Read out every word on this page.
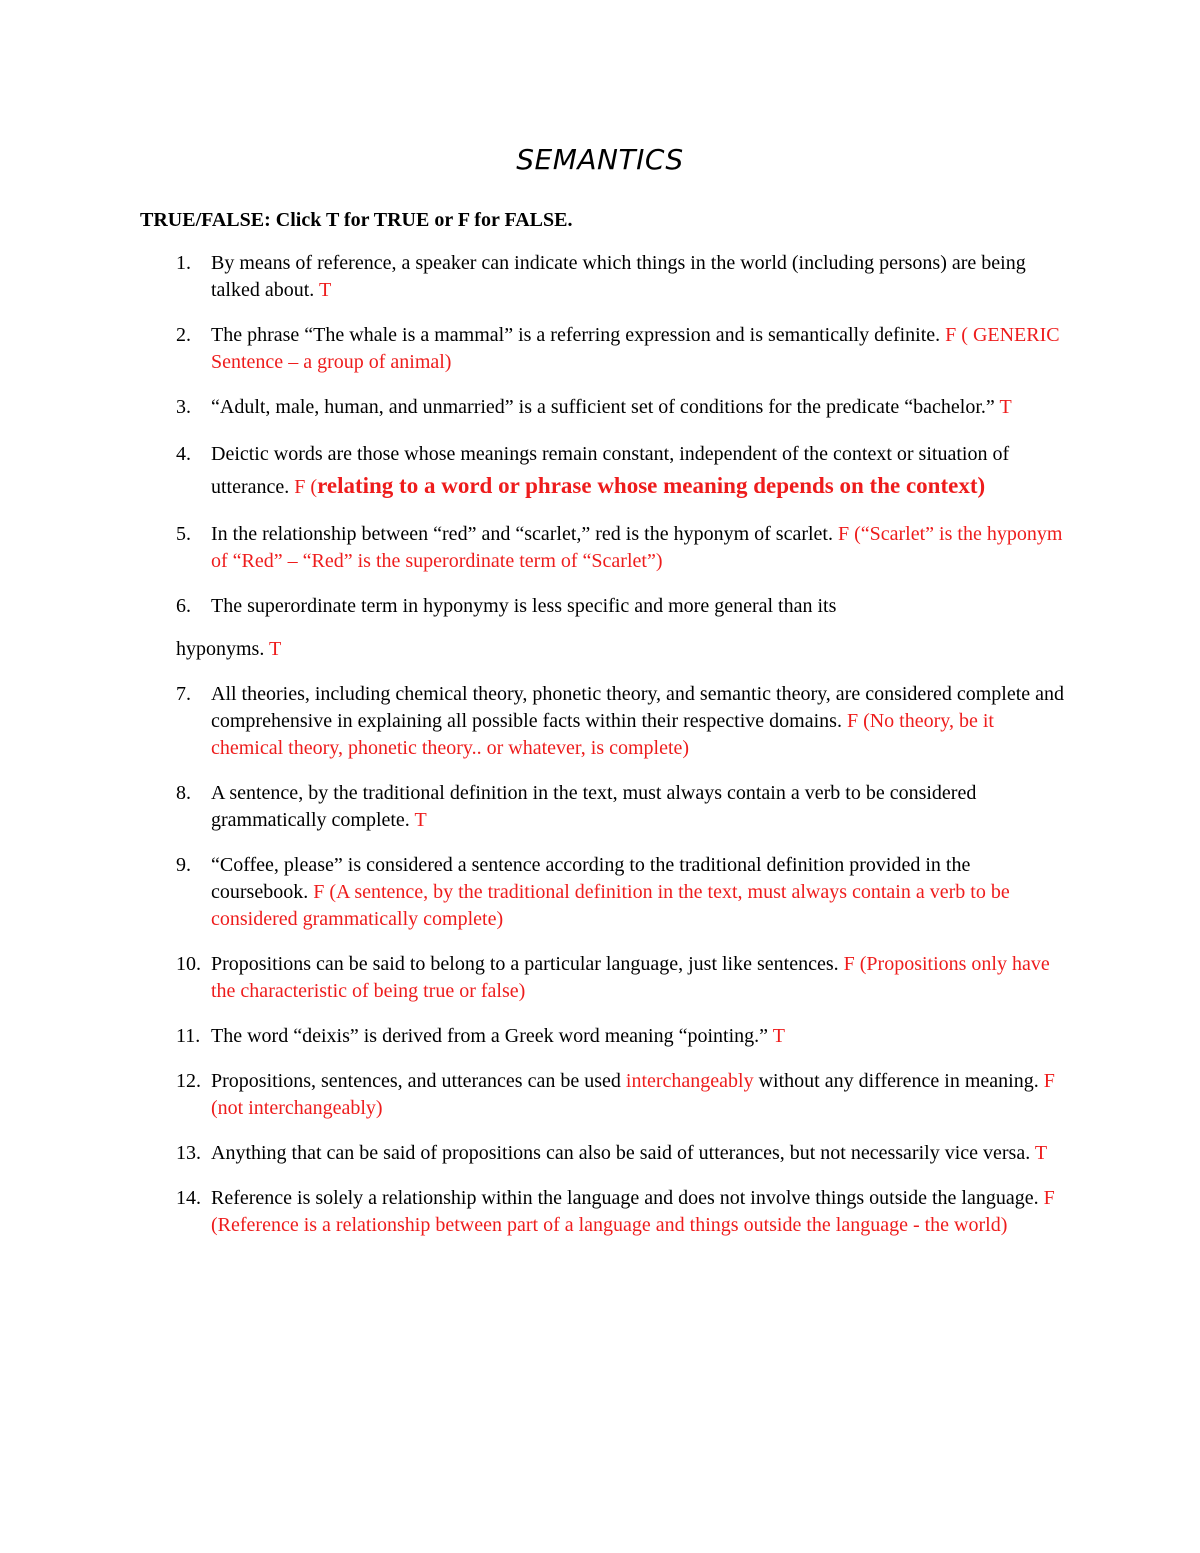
SEMANTICS
TRUE/FALSE: Click T for TRUE or F for FALSE.
1.	By means of reference, a speaker can indicate which things in the world (including persons) are being talked about. T
2.	The phrase “The whale is a mammal” is a referring expression and is semantically definite. F ( GENERIC Sentence – a group of animal)
3.	“Adult, male, human, and unmarried” is a sufficient set of conditions for the predicate “bachelor.” T
4.	Deictic words are those whose meanings remain constant, independent of the context or situation of utterance. F (relating to a word or phrase whose meaning depends on the context)
5.	In the relationship between “red” and “scarlet,” red is the hyponym of scarlet. F (“Scarlet” is the hyponym of “Red” – “Red” is the superordinate term of “Scarlet”)
6.	The superordinate term in hyponymy is less specific and more general than its
hyponyms. T
7.	All theories, including chemical theory, phonetic theory, and semantic theory, are considered complete and comprehensive in explaining all possible facts within their respective domains. F (No theory, be it chemical theory, phonetic theory.. or whatever, is complete)
8.	A sentence, by the traditional definition in the text, must always contain a verb to be considered grammatically complete. T
9.	“Coffee, please” is considered a sentence according to the traditional definition provided in the coursebook. F (A sentence, by the traditional definition in the text, must always contain a verb to be considered grammatically complete)
10. Propositions can be said to belong to a particular language, just like sentences. F (Propositions only have the characteristic of being true or false)
11. The word “deixis” is derived from a Greek word meaning “pointing.” T
12. Propositions, sentences, and utterances can be used interchangeably without any difference in meaning. F (not interchangeably)
13. Anything that can be said of propositions can also be said of utterances, but not necessarily vice versa. T
14. Reference is solely a relationship within the language and does not involve things outside the language. F (Reference is a relationship between part of a language and things outside the language - the world)
